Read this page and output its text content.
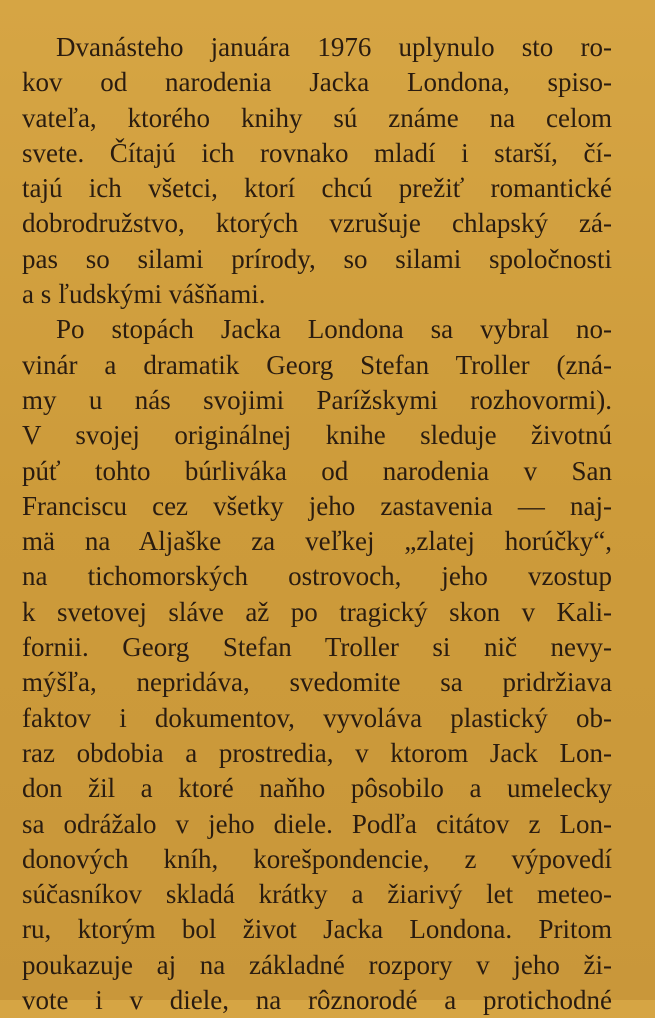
Dvanásteho januára 1976 uplynulo sto ro-
kov od narodenia Jacka Londona, spiso-
vateľa, ktorého knihy sú známe na celom
svete. Čítajú ich rovnako mladí i starší, čí-
tajú ich všetci, ktorí chcú prežiť romantické
dobrodružstvo, ktorých vzrušuje chlapský zá-
pas so silami prírody, so silami spoločnosti
a s ľudskými vášňami.
Po stopách Jacka Londona sa vybral no-
vinár a dramatik Georg Stefan Troller (zná-
my u nás svojimi Parížskymi rozhovormi).
V svojej originálnej knihe sleduje životnú
púť tohto búrliváka od narodenia v San
Franciscu cez všetky jeho zastavenia — naj-
mä na Aljaške za veľkej „zlatej horúčky“,
na tichomorských ostrovoch, jeho vzostup
k svetovej sláve až po tragický skon v Kali-
fornii. Georg Stefan Troller si nič nevy-
mýšľa, nepridáva, svedomite sa pridržiava
faktov i dokumentov, vyvoláva plastický ob-
raz obdobia a prostredia, v ktorom Jack Lon-
don žil a ktoré naňho pôsobilo a umelecky
sa odrážalo v jeho diele. Podľa citátov z Lon-
donových kníh, korešpondencie, z výpovedí
súčasníkov skladá krátky a žiarivý let meteo-
ru, ktorým bol život Jacka Londona. Pritom
poukazuje aj na základné rozpory v jeho ži-
vote i v diele, na rôznorodé a protichodné
